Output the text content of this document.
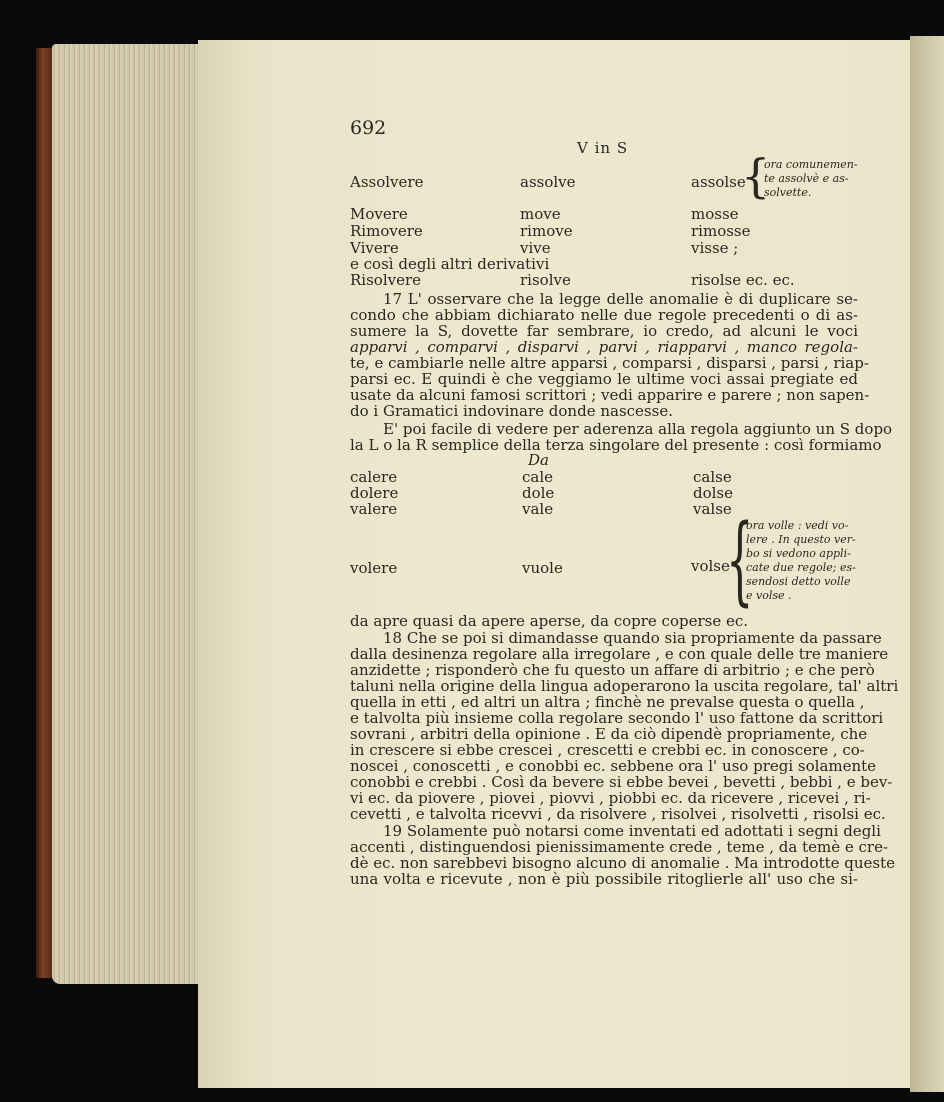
692
V in S
Assolvere	assolve	assolse
{
ora comunemen-
te assolvè e as-
solvette.
Movere	move	mosse
Rimovere	rimove	rimosse
Vivere	vive	visse ;
e così degli altri derivativi
Risolvere	risolve	risolse ec. ec.
17 L' osservare che la legge delle anomalie è di duplicare se-
condo che abbiam dichiarato nelle due regole precedenti o di as-
sumere la S, dovette far sembrare, io credo, ad alcuni le voci
apparvi , comparvi , disparvi , parvi , riapparvi , manco regola-
te, e cambiarle nelle altre apparsi , comparsi , disparsi , parsi , riap-
parsi ec. E quindi è che veggiamo le ultime voci assai pregiate ed
usate da alcuni famosi scrittori ; vedi apparire e parere ; non sapen-
do i Gramatici indovinare donde nascesse.
E' poi facile di vedere per aderenza alla regola aggiunto un S dopo
la L o la R semplice della terza singolare del presente : così formiamo
Da
calere	cale	calse
dolere	dole	dolse
valere	vale	valse
volere	vuole	volse
{
ora volle : vedi vo-
lere . In questo ver-
bo si vedono appli-
cate due regole; es-
sendosi detto volle
e volse .
da apre quasi da apere aperse, da copre coperse ec.
18 Che se poi si dimandasse quando sia propriamente da passare
dalla desinenza regolare alla irregolare , e con quale delle tre maniere
anzidette ; risponderò che fu questo un affare di arbitrio ; e che però
taluni nella origine della lingua adoperarono la uscita regolare, tal' altri
quella in etti , ed altri un altra ; finchè ne prevalse questa o quella ,
e talvolta più insieme colla regolare secondo l' uso fattone da scrittori
sovrani , arbitri della opinione . E da ciò dipendè propriamente, che
in crescere si ebbe crescei , crescetti e crebbi ec. in conoscere , co-
noscei , conoscetti , e conobbi ec. sebbene ora l' uso pregi solamente
conobbi e crebbi . Così da bevere si ebbe bevei , bevetti , bebbi , e bev-
vi ec. da piovere , piovei , piovvi , piobbi ec. da ricevere , ricevei , ri-
cevetti , e talvolta ricevvi , da risolvere , risolvei , risolvetti , risolsi ec.
19 Solamente può notarsi come inventati ed adottati i segni degli
accenti , distinguendosi pienissimamente crede , teme , da temè e cre-
dè ec. non sarebbevi bisogno alcuno di anomalie . Ma introdotte queste
una volta e ricevute , non è più possibile ritoglierle all' uso che si-
